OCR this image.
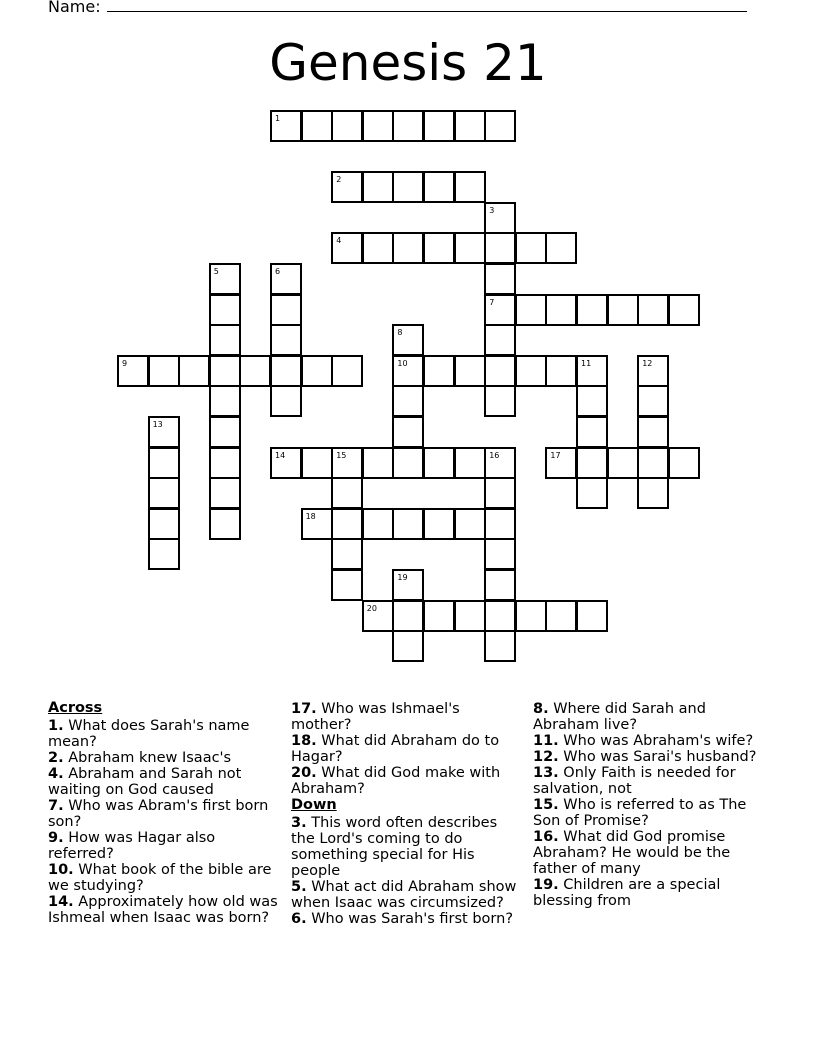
Name:
Genesis 21
1
2
3
7
4
5	6
8
10
9	11	12
13
14	15	16	17
18
19
20
Across
1. What does Sarah's name mean?
2. Abraham knew Isaac's
4. Abraham and Sarah not waiting on God caused
7. Who was Abram's first born son?
9. How was Hagar also referred?
10. What book of the bible are we studying?
14. Approximately how old was Ishmeal when Isaac was born?
17. Who was Ishmael's mother?
18. What did Abraham do to Hagar?
20. What did God make with Abraham?
Down
3. This word often describes the Lord's coming to do something special for His people
5. What act did Abraham show when Isaac was circumsized?
6. Who was Sarah's first born?
8. Where did Sarah and Abraham live?
11. Who was Abraham's wife?
12. Who was Sarai's husband?
13. Only Faith is needed for salvation, not
15. Who is referred to as The Son of Promise?
16. What did God promise Abraham? He would be the father of many
19. Children are a special blessing from
